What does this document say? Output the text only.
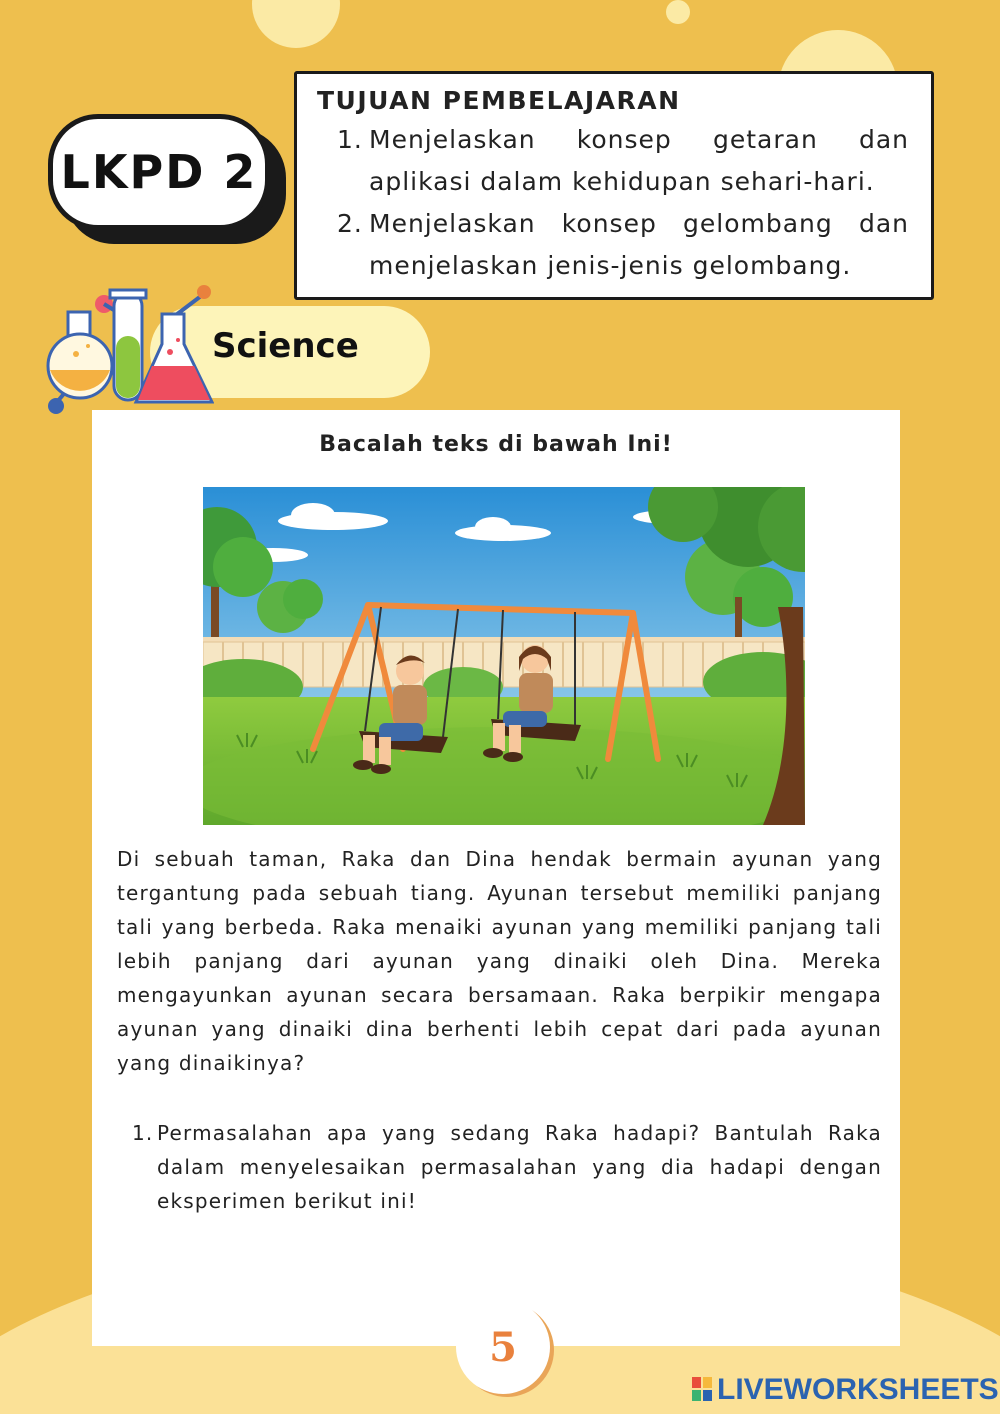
LKPD 2
TUJUAN PEMBELAJARAN
1. Menjelaskan konsep getaran dan aplikasi dalam kehidupan sehari-hari.
2. Menjelaskan konsep gelombang dan menjelaskan jenis-jenis gelombang.
Science
Bacalah teks di bawah Ini!

Di sebuah taman, Raka dan Dina hendak bermain ayunan yang tergantung pada sebuah tiang. Ayunan tersebut memiliki panjang tali yang berbeda. Raka menaiki ayunan yang memiliki panjang tali lebih panjang dari ayunan yang dinaiki oleh Dina. Mereka mengayunkan ayunan secara bersamaan. Raka berpikir mengapa ayunan yang dinaiki dina berhenti lebih cepat dari pada ayunan yang dinaikinya?

1. Permasalahan apa yang sedang Raka hadapi? Bantulah Raka dalam menyelesaikan permasalahan yang dia hadapi dengan eksperimen berikut ini!
5
LIVEWORKSHEETS
